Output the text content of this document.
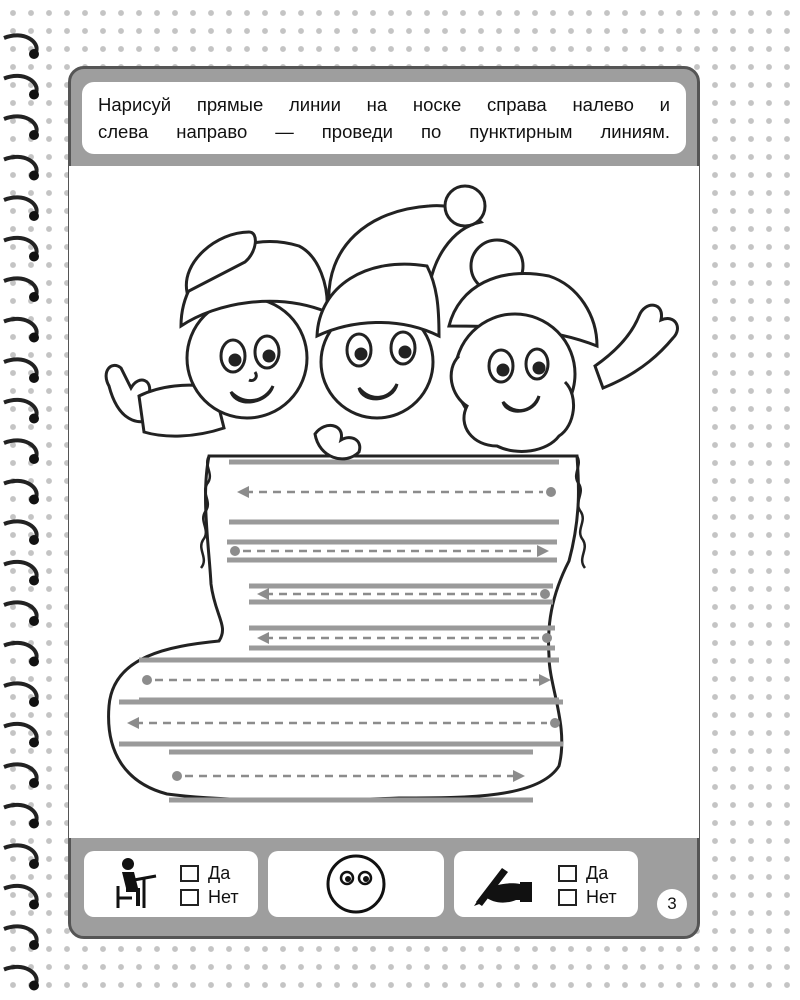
Нарисуй прямые линии на носке справа налево и
слева направо — проведи по пунктирным линиям.
Да
Нет
Да
Нет	3
